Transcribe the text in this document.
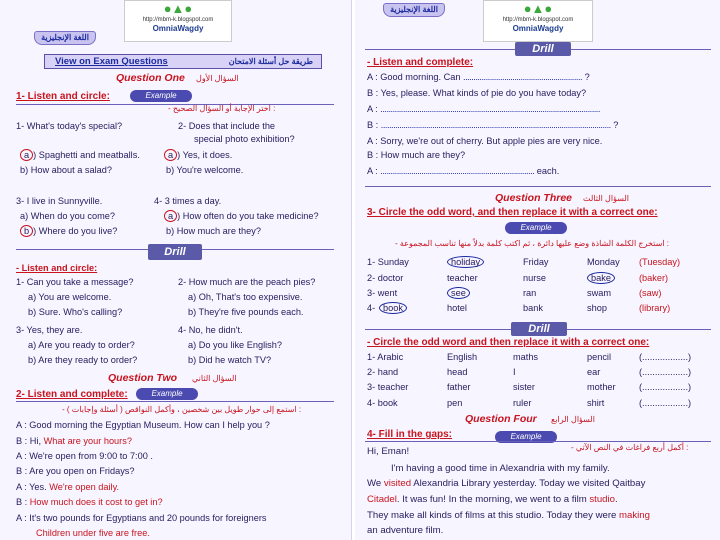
اللغة الإنجليزية
●▲●
http://mbm-k.blogspot.com
OmniaWagdy
View on Exam Questions	طريقة حل أسئلة الامتحان
Question One السؤال الأول
1- Listen and circle:	Example
- اختر الإجابة أو السؤال الصحيح :
1- What's today's special?	2- Does that include the
special photo exhibition?
a ) Spaghetti and meatballs.	a ) Yes, it does.
b) How about a salad?	b) You're welcome.
3- I live in Sunnyville.	4- 3 times a day.
a) When do you come?	a ) How often do you take medicine?
b ) Where do you live?	b) How much are they?
Drill
- Listen and circle:
1- Can you take a message?	2- How much are the peach pies?
a) You are welcome.	a) Oh, That's too expensive.
b) Sure. Who's calling?	b) They're five pounds each.
3- Yes, they are.	4- No, he didn't.
a) Are you ready to order?	a) Do you like English?
b) Are they ready to order?	b) Did he watch TV?
Question Two السؤال الثاني
2- Listen and complete:	Example
- استمع إلى حوار طويل بين شخصين ، وأكمل النواقص ( أسئلة وإجابات ) :
A : Good morning the Egyptian Museum. How can I help you ?
B : Hi, What are your hours?
A : We're open from 9:00 to 7:00 .
B : Are you open on Fridays?
A : Yes. We're open daily.
B : How much does it cost to get in?
A : It's two pounds for Egyptians and 20 pounds for foreigners
Children under five are free.
اللغة الإنجليزية	●▲●
http://mbm-k.blogspot.com
OmniaWagdy
Drill
- Listen and complete:
A : Good morning. Can .......................................................... ?
B : Yes, please. What kinds of pie do you have today?
A : ...........................................................................................................
B : ................................................................................................................ ?
A : Sorry, we're out of cherry. But apple pies are very nice.
B : How much are they?
A : ........................................................................... each.
Question Three السؤال الثالث
3- Circle the odd word, and then replace it with a correct one:
Example
- استخرج الكلمة الشاذة وضع عليها دائرة ، ثم اكتب كلمة بدلاً منها تناسب المجموعة :
1- Sunday	holiday	Friday	Monday (Tuesday)
2- doctor	teacher	nurse	bake	(baker)
3- went	see	ran	swam	(saw)
4- book	hotel	bank	shop	(library)
Drill
- Circle the odd word and then replace it with a correct one:
1- Arabic	English	maths	pencil	(..................)
2- hand	head	I	ear	(..................)
3- teacher	father	sister	mother	(..................)
4- book	pen	ruler	shirt	(..................)
Question Four السؤال الرابع
4- Fill in the gaps:	Example
- أكمل أربع فراغات في النص الآتي :
Hi, Eman!
I'm having a good time in Alexandria with my family.
We visited Alexandria Library yesterday. Today we visited Qaitbay
Citadel. It was fun! In the morning, we went to a film studio.
They make all kinds of films at this studio. Today they were making
an adventure film.
